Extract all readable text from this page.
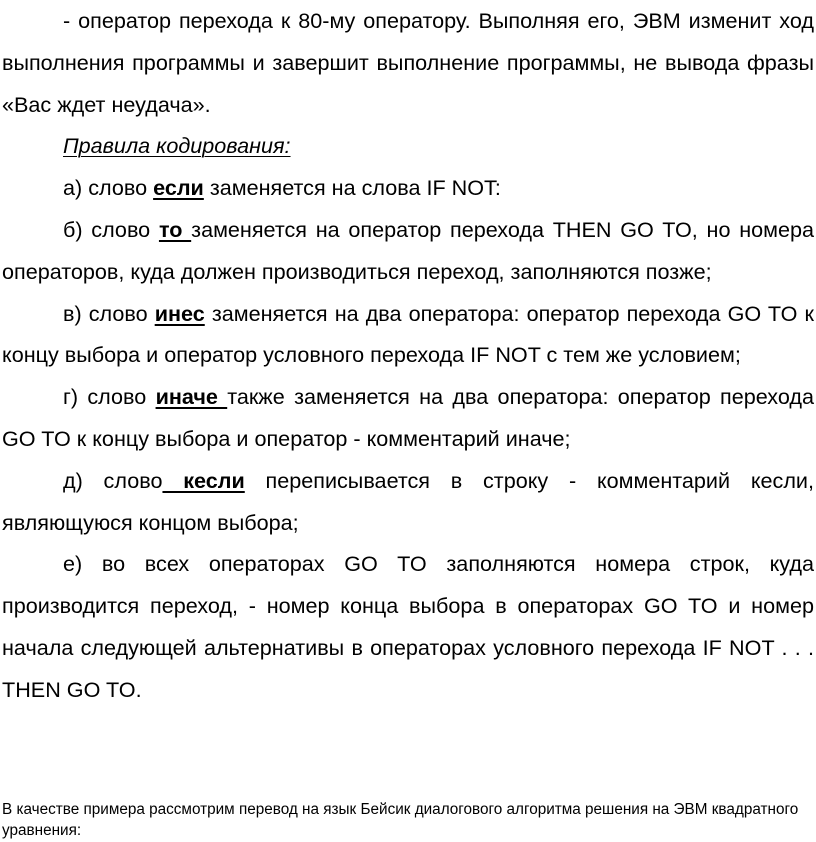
- оператор перехода к 80-му оператору. Выполняя его, ЭВМ изменит ход выполнения программы и завершит выполнение программы, не вывода фразы «Вас ждет неудача».

Правила кодирования:

а) слово если заменяется на слова IF NOT:

б) слово то заменяется на оператор перехода THEN GO TO, но номера операторов, куда должен производиться переход, заполняются позже;

в) слово инес заменяется на два оператора: оператор перехода GO TO к концу выбора и оператор условного перехода IF NOT с тем же условием;

г) слово иначе также заменяется на два оператора: оператор перехода GO TO к концу выбора и оператор - комментарий иначе;

д) слово кесли переписывается в строку - комментарий кесли, являющуюся концом выбора;

е) во всех операторах GO TO заполняются номера строк, куда производится переход, - номер конца выбора в операторах GO TO и номер начала следующей альтернативы в операторах условного перехода IF NOT . . . THEN GO TO.

В качестве примера рассмотрим перевод на язык Бейсик диалогового алгоритма решения на ЭВМ квадратного уравнения:
